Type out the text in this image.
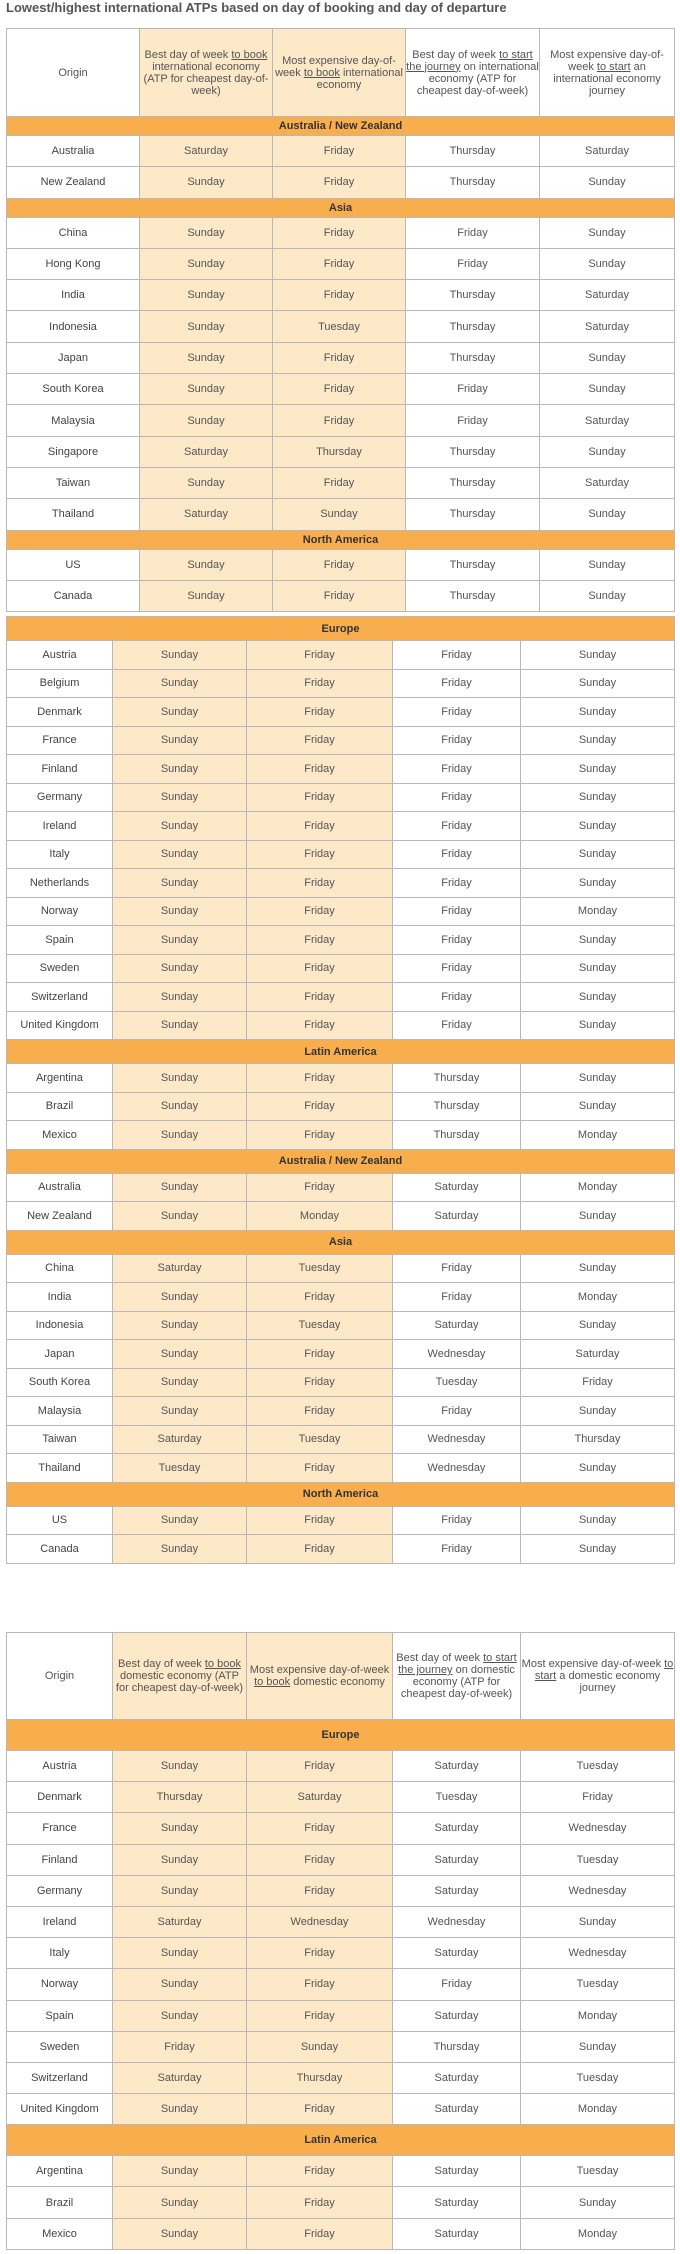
Lowest/highest international ATPs based on day of booking and day of departure
Origin	Best day of week to book international economy (ATP for cheapest day-of-week)	Most expensive day-of-week to book international economy	Best day of week to start the journey on international economy (ATP for cheapest day-of-week)	Most expensive day-of-week to start an international economy journey
Australia / New Zealand				
Australia	Saturday	Friday	Thursday	Saturday
New Zealand	Sunday	Friday	Thursday	Sunday
Asia				
China	Sunday	Friday	Friday	Sunday
Hong Kong	Sunday	Friday	Friday	Sunday
India	Sunday	Friday	Thursday	Saturday
Indonesia	Sunday	Tuesday	Thursday	Saturday
Japan	Sunday	Friday	Thursday	Sunday
South Korea	Sunday	Friday	Friday	Sunday
Malaysia	Sunday	Friday	Friday	Saturday
Singapore	Saturday	Thursday	Thursday	Sunday
Taiwan	Sunday	Friday	Thursday	Saturday
Thailand	Saturday	Sunday	Thursday	Sunday
North America				
US	Sunday	Friday	Thursday	Sunday
Canada	Sunday	Friday	Thursday	Sunday
Europe				
Austria	Sunday	Friday	Friday	Sunday
Belgium	Sunday	Friday	Friday	Sunday
Denmark	Sunday	Friday	Friday	Sunday
France	Sunday	Friday	Friday	Sunday
Finland	Sunday	Friday	Friday	Sunday
Germany	Sunday	Friday	Friday	Sunday
Ireland	Sunday	Friday	Friday	Sunday
Italy	Sunday	Friday	Friday	Sunday
Netherlands	Sunday	Friday	Friday	Sunday
Norway	Sunday	Friday	Friday	Monday
Spain	Sunday	Friday	Friday	Sunday
Sweden	Sunday	Friday	Friday	Sunday
Switzerland	Sunday	Friday	Friday	Sunday
United Kingdom	Sunday	Friday	Friday	Sunday
Latin America				
Argentina	Sunday	Friday	Thursday	Sunday
Brazil	Sunday	Friday	Thursday	Sunday
Mexico	Sunday	Friday	Thursday	Monday
Australia / New Zealand				
Australia	Sunday	Friday	Saturday	Monday
New Zealand	Sunday	Monday	Saturday	Sunday
Asia				
China	Saturday	Tuesday	Friday	Sunday
India	Sunday	Friday	Friday	Monday
Indonesia	Sunday	Tuesday	Saturday	Sunday
Japan	Sunday	Friday	Wednesday	Saturday
South Korea	Sunday	Friday	Tuesday	Friday
Malaysia	Sunday	Friday	Friday	Sunday
Taiwan	Saturday	Tuesday	Wednesday	Thursday
Thailand	Tuesday	Friday	Wednesday	Sunday
North America				
US	Sunday	Friday	Friday	Sunday
Canada	Sunday	Friday	Friday	Sunday
Origin	Best day of week to book domestic economy (ATP for cheapest day-of-week)	Most expensive day-of-week to book domestic economy	Best day of week to start the journey on domestic economy (ATP for cheapest day-of-week)	Most expensive day-of-week to start a domestic economy journey
Europe				
Austria	Sunday	Friday	Saturday	Tuesday
Denmark	Thursday	Saturday	Tuesday	Friday
France	Sunday	Friday	Saturday	Wednesday
Finland	Sunday	Friday	Saturday	Tuesday
Germany	Sunday	Friday	Saturday	Wednesday
Ireland	Saturday	Wednesday	Wednesday	Sunday
Italy	Sunday	Friday	Saturday	Wednesday
Norway	Sunday	Friday	Friday	Tuesday
Spain	Sunday	Friday	Saturday	Monday
Sweden	Friday	Sunday	Thursday	Sunday
Switzerland	Saturday	Thursday	Saturday	Tuesday
United Kingdom	Sunday	Friday	Saturday	Monday
Latin America				
Argentina	Sunday	Friday	Saturday	Tuesday
Brazil	Sunday	Friday	Saturday	Sunday
Mexico	Sunday	Friday	Saturday	Monday
